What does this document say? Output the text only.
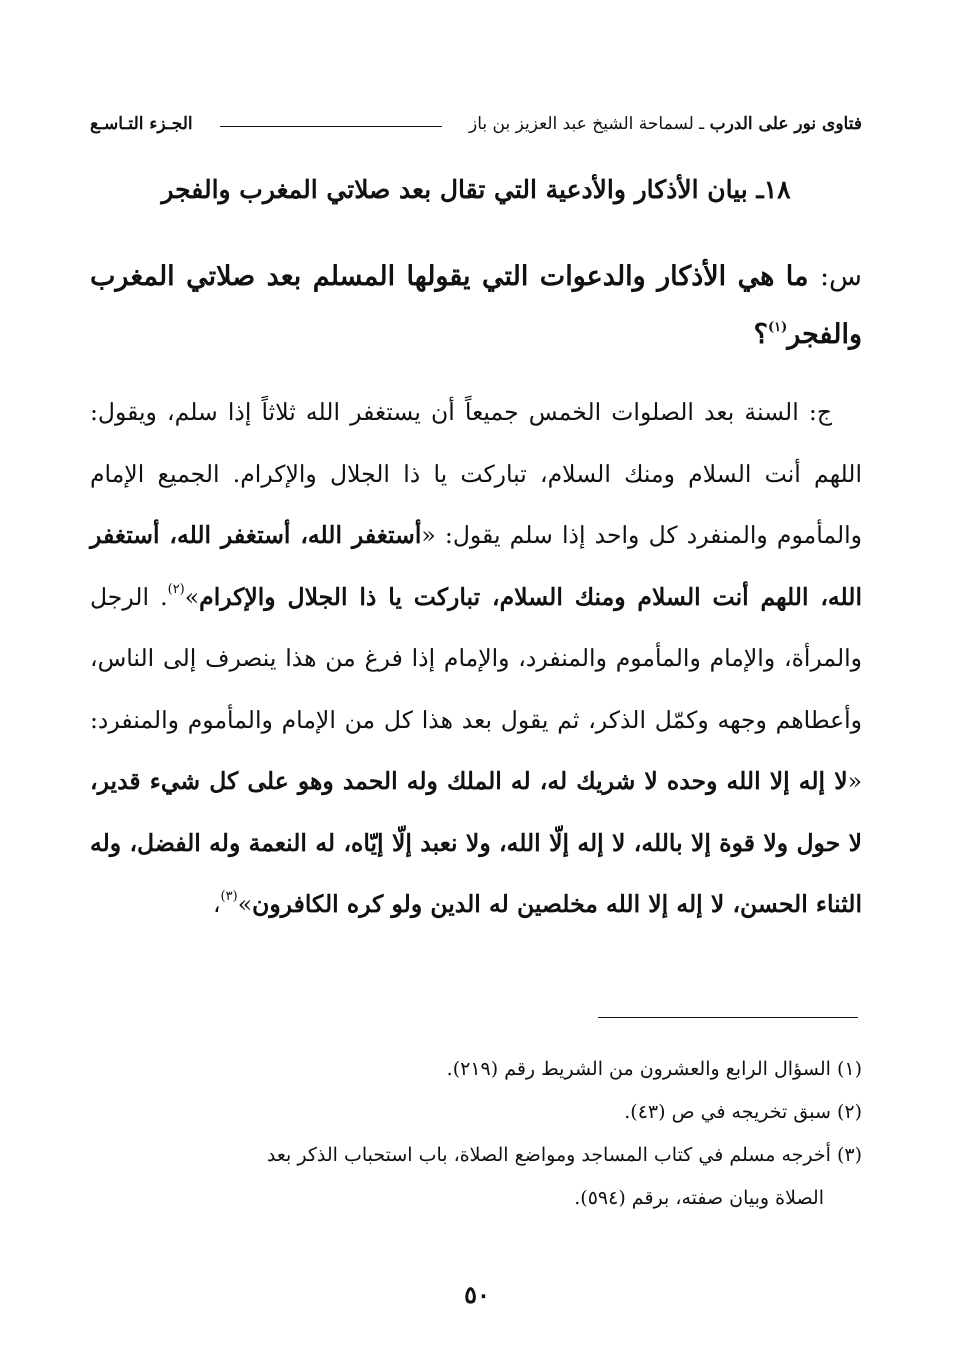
الجـزء التـاسـع	فتاوى نور على الدرب ـ لسماحة الشيخ عبد العزيز بن باز
١٨ـ بيان الأذكار والأدعية التي تقال بعد صلاتي المغرب والفجر
س: ما هي الأذكار والدعوات التي يقولها المسلم بعد صلاتي المغرب والفجر$^{(١)}$؟
ج: السنة بعد الصلوات الخمس جميعاً أن يستغفر الله ثلاثاً إذا سلم، ويقول: اللهم أنت السلام ومنك السلام، تباركت يا ذا الجلال والإكرام. الجميع الإمام والمأموم والمنفرد كل واحد إذا سلم يقول: «أستغفر الله، أستغفر الله، أستغفر الله، اللهم أنت السلام ومنك السلام، تباركت يا ذا الجلال والإكرام»$^{(٢)}$. الرجل والمرأة، والإمام والمأموم والمنفرد، والإمام إذا فرغ من هذا ينصرف إلى الناس، وأعطاهم وجهه وكمّل الذكر، ثم يقول بعد هذا كل من الإمام والمأموم والمنفرد: «لا إله إلا الله وحده لا شريك له، له الملك وله الحمد وهو على كل شيء قدير، لا حول ولا قوة إلا بالله، لا إله إلّا الله، ولا نعبد إلّا إيّاه، له النعمة وله الفضل، وله الثناء الحسن، لا إله إلا الله مخلصين له الدين ولو كره الكافرون»$^{(٣)}$،

(١) السؤال الرابع والعشرون من الشريط رقم (٢١٩).

(٢) سبق تخريجه في ص (٤٣).

(٣) أخرجه مسلم في كتاب المساجد ومواضع الصلاة، باب استحباب الذكر بعد
الصلاة وبيان صفته، برقم (٥٩٤).

٥٠
